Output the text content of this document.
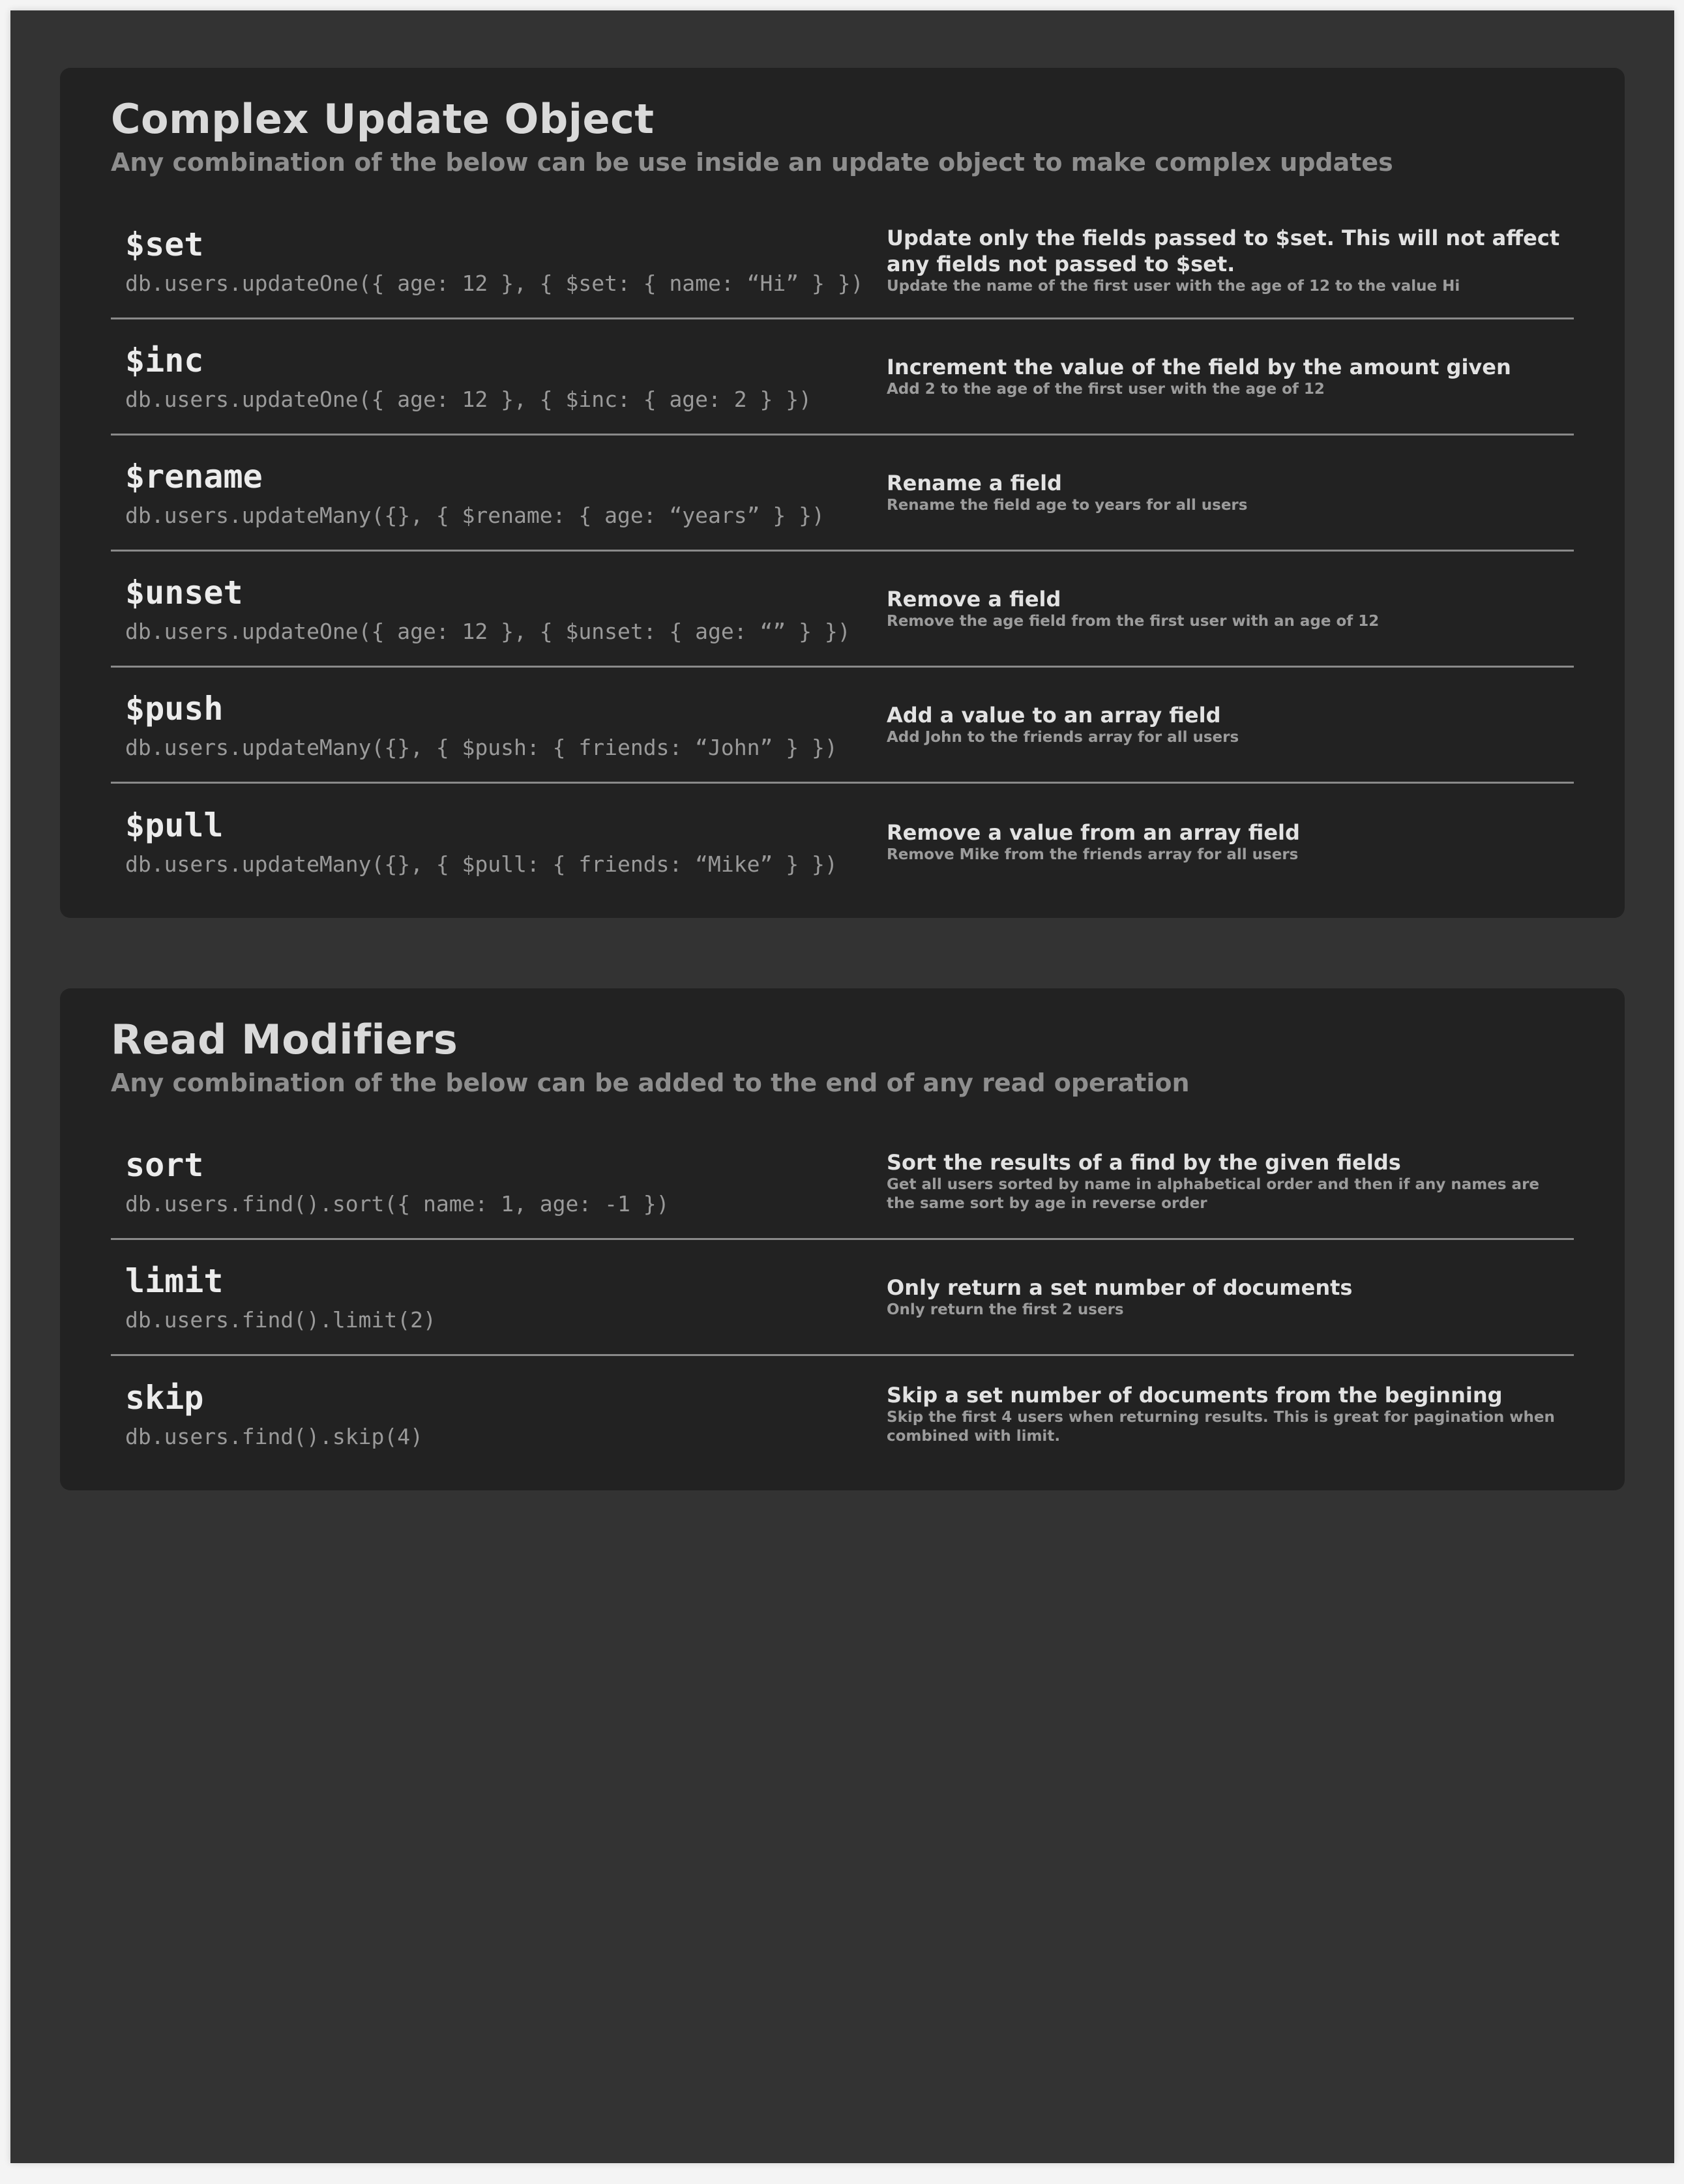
Complex Update Object

Any combination of the below can be use inside an update object to make complex updates

$set
db.users.updateOne({ age: 12 }, { $set: { name: “Hi” } })
Update only the fields passed to $set. This will not affect any fields not passed to $set.
Update the name of the first user with the age of 12 to the value Hi
$inc
db.users.updateOne({ age: 12 }, { $inc: { age: 2 } })
Increment the value of the field by the amount given
Add 2 to the age of the first user with the age of 12
$rename
db.users.updateMany({}, { $rename: { age: “years” } })
Rename a field
Rename the field age to years for all users
$unset
db.users.updateOne({ age: 12 }, { $unset: { age: “” } })
Remove a field
Remove the age field from the first user with an age of 12
$push
db.users.updateMany({}, { $push: { friends: “John” } })
Add a value to an array field
Add John to the friends array for all users
$pull
db.users.updateMany({}, { $pull: { friends: “Mike” } })
Remove a value from an array field
Remove Mike from the friends array for all users
Read Modifiers

Any combination of the below can be added to the end of any read operation

sort
db.users.find().sort({ name: 1, age: -1 })
Sort the results of a find by the given fields
Get all users sorted by name in alphabetical order and then if any names are the same sort by age in reverse order
limit
db.users.find().limit(2)
Only return a set number of documents
Only return the first 2 users
skip
db.users.find().skip(4)
Skip a set number of documents from the beginning
Skip the first 4 users when returning results. This is great for pagination when combined with limit.
